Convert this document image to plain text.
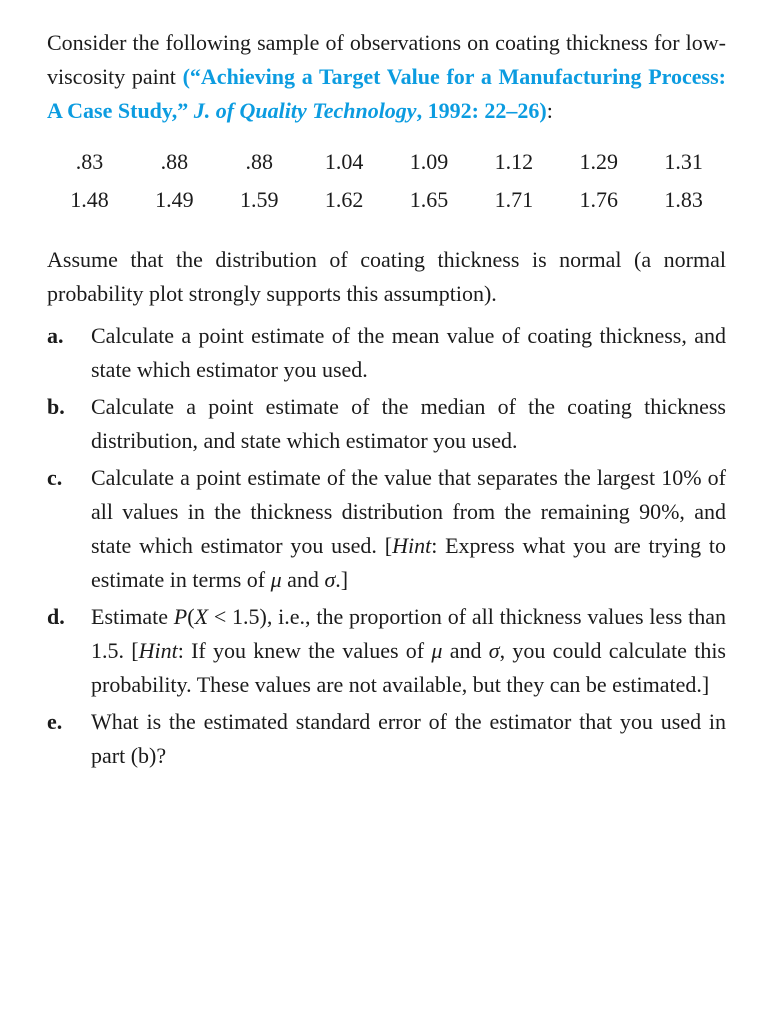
Consider the following sample of observations on coating thickness for low-viscosity paint (“Achieving a Target Value for a Manufacturing Process: A Case Study,” J. of Quality Technology, 1992: 22–26):

.83	.88	.88	1.04	1.09	1.12	1.29	1.31
1.48	1.49	1.59	1.62	1.65	1.71	1.76	1.83

Assume that the distribution of coating thickness is normal (a normal probability plot strongly supports this assumption).

a.	Calculate a point estimate of the mean value of coating thickness, and state which estimator you used.
b.	Calculate a point estimate of the median of the coating thickness distribution, and state which estimator you used.
c.	Calculate a point estimate of the value that separates the largest 10% of all values in the thickness distribution from the remaining 90%, and state which estimator you used. [Hint: Express what you are trying to estimate in terms of μ and σ.]
d.	Estimate P(X < 1.5), i.e., the proportion of all thickness values less than 1.5. [Hint: If you knew the values of μ and σ, you could calculate this probability. These values are not available, but they can be estimated.]
e.	What is the estimated standard error of the estimator that you used in part (b)?
